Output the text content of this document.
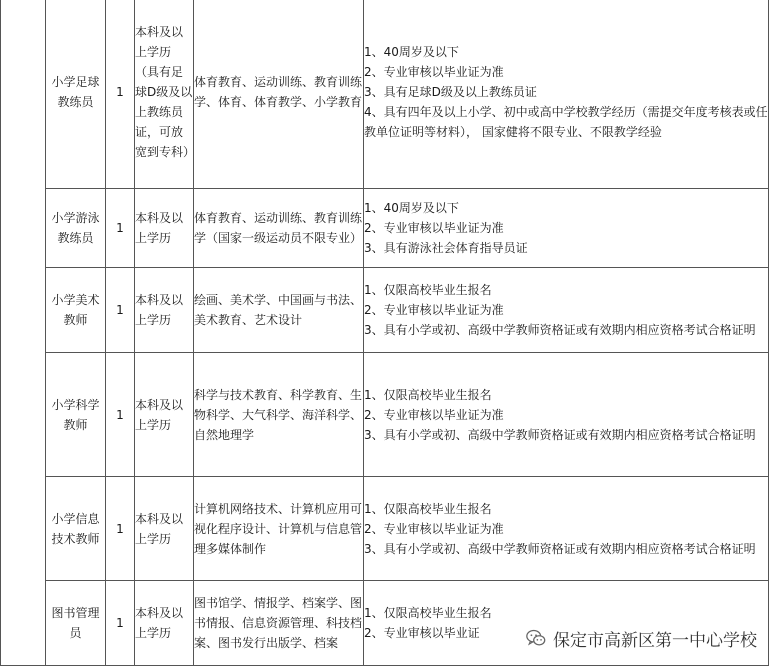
	小学足球教练员	1	本科及以上学历（具有足球D级及以上教练员证，可放宽到专科）	体育教育、运动训练、教育训练学、体育、体育教学、小学教育	1、40周岁及以下
2、专业审核以毕业证为准
3、具有足球D级及以上教练员证
4、具有四年及以上小学、初中或高中学校教学经历（需提交年度考核表或任教单位证明等材料）， 国家健将不限专业、不限教学经验

	小学游泳教练员	1	本科及以上学历	体育教育、运动训练、教育训练学（国家一级运动员不限专业）	1、40周岁及以下
2、专业审核以毕业证为准
3、具有游泳社会体育指导员证

	小学美术教师	1	本科及以上学历	绘画、美术学、中国画与书法、美术教育、艺术设计	1、仅限高校毕业生报名
2、专业审核以毕业证为准
3、具有小学或初、高级中学教师资格证或有效期内相应资格考试合格证明

	小学科学教师	1	本科及以上学历	科学与技术教育、科学教育、生物科学、大气科学、海洋科学、自然地理学	1、仅限高校毕业生报名
2、专业审核以毕业证为准
3、具有小学或初、高级中学教师资格证或有效期内相应资格考试合格证明

	小学信息技术教师	1	本科及以上学历	计算机网络技术、计算机应用可视化程序设计、计算机与信息管理多媒体制作	1、仅限高校毕业生报名
2、专业审核以毕业证为准
3、具有小学或初、高级中学教师资格证或有效期内相应资格考试合格证明

	图书管理员	1	本科及以上学历	图书馆学、情报学、档案学、图书情报、信息资源管理、科技档案、图书发行出版学、档案	1、仅限高校毕业生报名
2、专业审核以毕业证	保定市高新区第一中心学校
